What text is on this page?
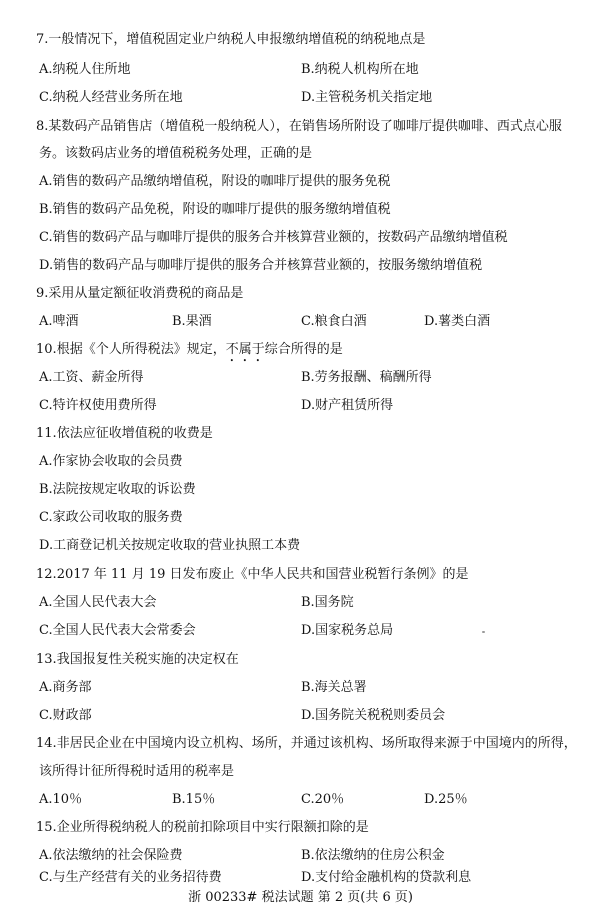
7.一般情况下，增值税固定业户纳税人申报缴纳增值税的纳税地点是
A.纳税人住所地	B.纳税人机构所在地
C.纳税人经营业务所在地	D.主管税务机关指定地
8.某数码产品销售店（增值税一般纳税人），在销售场所附设了咖啡厅提供咖啡、西式点心服
务。该数码店业务的增值税税务处理，正确的是
A.销售的数码产品缴纳增值税，附设的咖啡厅提供的服务免税
B.销售的数码产品免税，附设的咖啡厅提供的服务缴纳增值税
C.销售的数码产品与咖啡厅提供的服务合并核算营业额的，按数码产品缴纳增值税
D.销售的数码产品与咖啡厅提供的服务合并核算营业额的，按服务缴纳增值税
9.采用从量定额征收消费税的商品是
A.啤酒	B.果酒	C.粮食白酒	D.薯类白酒
10.根据《个人所得税法》规定，不属于综合所得的是
A.工资、薪金所得	B.劳务报酬、稿酬所得
C.特许权使用费所得	D.财产租赁所得
11.依法应征收增值税的收费是
A.作家协会收取的会员费
B.法院按规定收取的诉讼费
C.家政公司收取的服务费
D.工商登记机关按规定收取的营业执照工本费
12.2017 年 11 月 19 日发布废止《中华人民共和国营业税暂行条例》的是
A.全国人民代表大会	B.国务院
C.全国人民代表大会常委会	D.国家税务总局
13.我国报复性关税实施的决定权在
A.商务部	B.海关总署
C.财政部	D.国务院关税税则委员会
14.非居民企业在中国境内设立机构、场所，并通过该机构、场所取得来源于中国境内的所得，
该所得计征所得税时适用的税率是
A.10％	B.15％	C.20％	D.25％
15.企业所得税纳税人的税前扣除项目中实行限额扣除的是
A.依法缴纳的社会保险费	B.依法缴纳的住房公积金
C.与生产经营有关的业务招待费	D.支付给金融机构的贷款利息
浙 00233# 税法试题 第 2 页(共 6 页)
